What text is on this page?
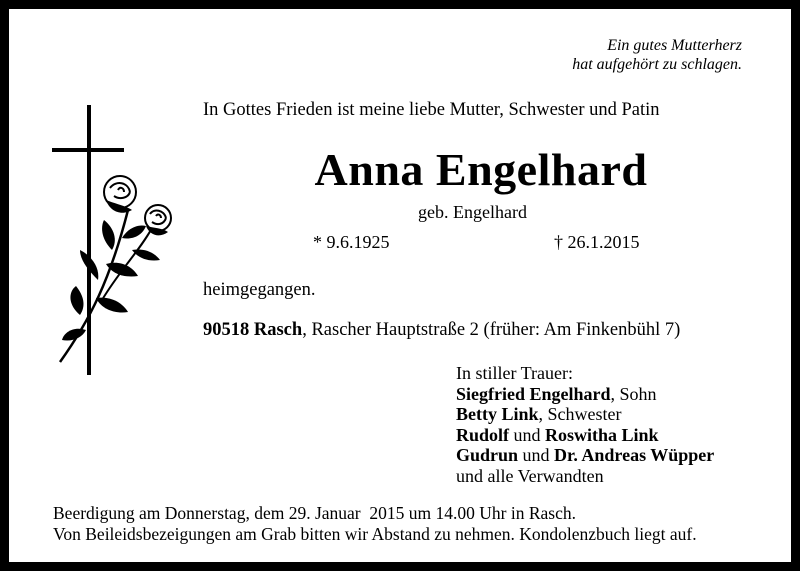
Ein gutes Mutterherz
hat aufgehört zu schlagen.
In Gottes Frieden ist meine liebe Mutter, Schwester und Patin
Anna Engelhard
geb. Engelhard
* 9.6.1925	† 26.1.2015
heimgegangen.
90518 Rasch, Rascher Hauptstraße 2 (früher: Am Finkenbühl 7)
In stiller Trauer:
Siegfried Engelhard, Sohn
Betty Link, Schwester
Rudolf und Roswitha Link
Gudrun und Dr. Andreas Wüpper
und alle Verwandten
Beerdigung am Donnerstag, dem 29. Januar  2015 um 14.00 Uhr in Rasch.
Von Beileidsbezeigungen am Grab bitten wir Abstand zu nehmen. Kondolenzbuch liegt auf.
